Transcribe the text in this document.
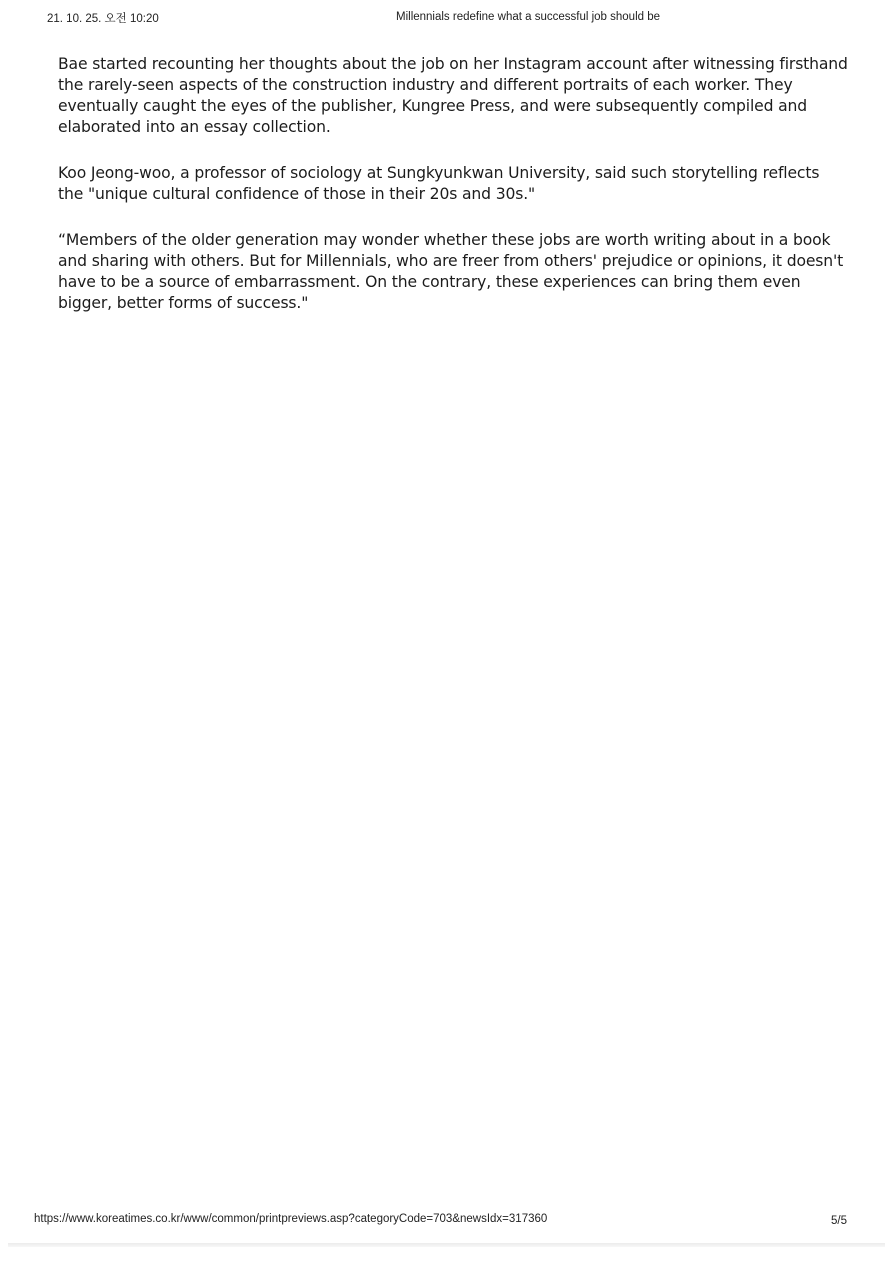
21. 10. 25. 오전 10:20	Millennials redefine what a successful job should be

Bae started recounting her thoughts about the job on her Instagram account after witnessing firsthand the rarely-seen aspects of the construction industry and different portraits of each worker. They eventually caught the eyes of the publisher, Kungree Press, and were subsequently compiled and elaborated into an essay collection.

Koo Jeong-woo, a professor of sociology at Sungkyunkwan University, said such storytelling reflects the "unique cultural confidence of those in their 20s and 30s."

“Members of the older generation may wonder whether these jobs are worth writing about in a book and sharing with others. But for Millennials, who are freer from others' prejudice or opinions, it doesn't have to be a source of embarrassment. On the contrary, these experiences can bring them even bigger, better forms of success."

https://www.koreatimes.co.kr/www/common/printpreviews.asp?categoryCode=703&newsIdx=317360	5/5
